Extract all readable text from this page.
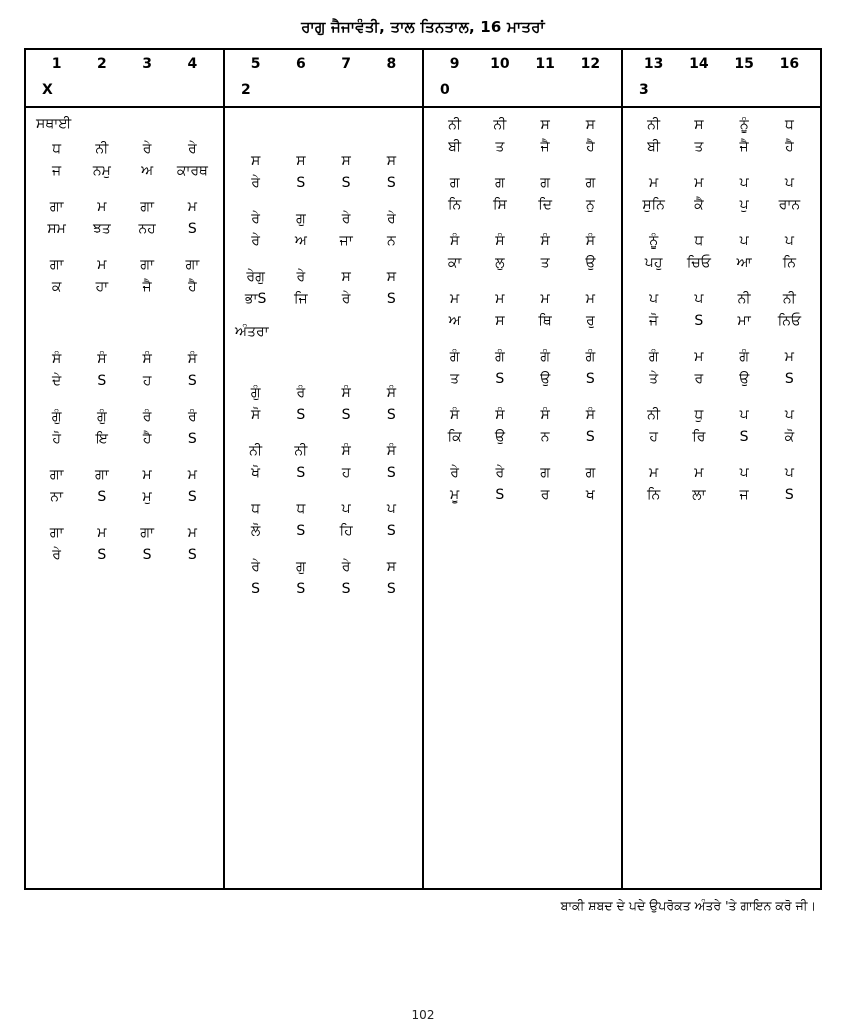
ਰਾਗੁ ਜੈਜਾਵੰਤੀ, ਤਾਲ ਤਿਨਤਾਲ, 16 ਮਾਤਰਾਂ
1	2	3	4
X
5	6	7	8
2
9	10	11	12
0
13	14	15	16
3
ਸਥਾਈ
ਧ	ਨੀ	ਰੇ	ਰੇ
ਜ	ਨਮੁ	ਅ	ਕਾਰਥ
ਗਾ	ਮ	ਗਾ	ਮ
ਸਮ	ਝਤ	ਨਹ	S
ਗਾ	ਮ	ਗਾ	ਗਾ
ਕ	ਹਾ	ਜੈ	ਹੈ
ਸੰ	ਸੰ	ਸੰ	ਸੰ
ਦੇ	S	ਹ	S
ਗੁੰ	ਗੁੰ	ਰੰ	ਰੰ
ਹੋ	ਇ	ਹੈ	S
ਗਾ	ਗਾ	ਮ	ਮ
ਨਾ	S	ਮੁ	S
ਗਾ	ਮ	ਗਾ	ਮ
ਰੇ	S	S	S
ਸ	ਸ	ਸ	ਸ
ਰੇ	S	S	S
ਰੇ	ਗੁ	ਰੇ	ਰੇ
ਰੇ	ਅ	ਜਾ	ਨ
ਰੇਗੁ	ਰੇ	ਸ	ਸ
ਭਾS	ਜਿ	ਰੇ	S
ਅੰਤਰਾ
ਗੁੰ	ਰੰ	ਸੰ	ਸੰ
ਸੋ	S	S	S
ਨੀ	ਨੀ	ਸੰ	ਸੰ
ਖੋ	S	ਹ	S
ਧ	ਧ	ਪ	ਪ
ਲੋ	S	ਹਿ	S
ਰੇ	ਗੁ	ਰੇ	ਸ
S	S	S	S
ਨੀ	ਨੀ	ਸ	ਸ
ਬੀ	ਤ	ਜੈ	ਹੈ
ਗ	ਗ	ਗ	ਗ
ਨਿ	ਸਿ	ਦਿ	ਨੁ
ਸੰ	ਸੰ	ਸੰ	ਸੰ
ਕਾ	ਲੁ	ਤ	ਉ
ਮ	ਮ	ਮ	ਮ
ਅ	ਸ	ਥਿ	ਰੁ
ਗੰ	ਗੰ	ਗੰ	ਗੰ
ਤ	S	ਉ	S
ਸੰ	ਸੰ	ਸੰ	ਸੰ
ਕਿ	ਉ	ਨ	S
ਰੇ	ਰੇ	ਗ	ਗ
ਮੂ	S	ਰ	ਖ
ਨੀ	ਸ	ਨੂੰ	ਧ
ਬੀ	ਤ	ਜੈ	ਹੈ
ਮ	ਮ	ਪ	ਪ
ਸੁਨਿ	ਕੈ	ਪੁ	ਰਾਨ
ਨੂੰ	ਧ	ਪ	ਪ
ਪਹੁ	ਚਿਓ	ਆ	ਨਿ
ਪ	ਪ	ਨੀ	ਨੀ
ਜੋ	S	ਮਾ	ਨਿਓ
ਗੰ	ਮ	ਗੰ	ਮ
ਤੇ	ਰ	ਉ	S
ਨੀ	ਧੁ	ਪ	ਪ
ਹ	ਰਿ	S	ਕੋ
ਮ	ਮ	ਪ	ਪ
ਨਿ	ਲਾ	ਜ	S
ਬਾਕੀ ਸ਼ਬਦ ਦੇ ਪਦੇ ਉਪਰੋਕਤ ਅੰਤਰੇ 'ਤੇ ਗਾਇਨ ਕਰੋ ਜੀ।
102
